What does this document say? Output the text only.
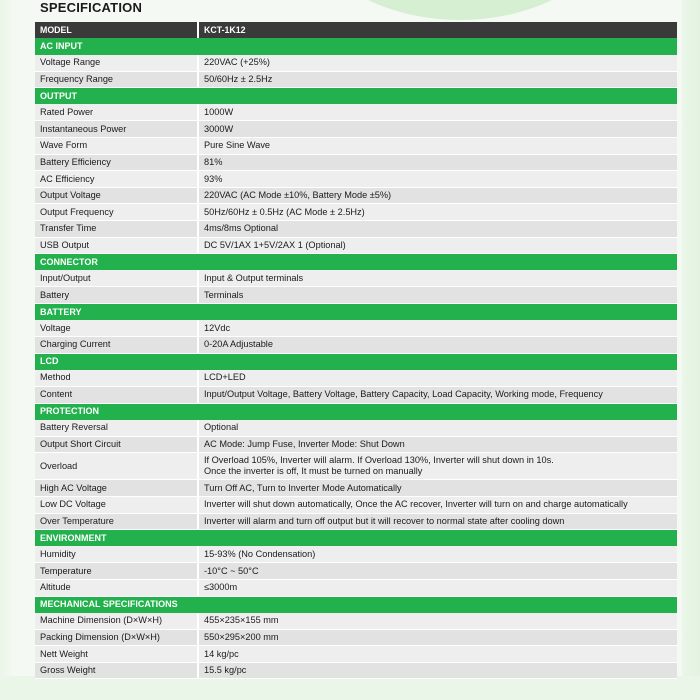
SPECIFICATION
MODEL	KCT-1K12
AC INPUT	
Voltage Range	220VAC (+25%)

Frequency Range	50/60Hz ± 2.5Hz

OUTPUT	
Rated Power	1000W

Instantaneous Power	3000W

Wave Form	Pure Sine Wave

Battery Efficiency	81%

AC Efficiency	93%

Output Voltage	220VAC (AC Mode ±10%, Battery Mode ±5%)

Output Frequency	50Hz/60Hz ± 0.5Hz (AC Mode ± 2.5Hz)

Transfer Time	4ms/8ms Optional

USB Output	DC 5V/1AX 1+5V/2AX 1 (Optional)

CONNECTOR	
Input/Output	Input & Output terminals

Battery	Terminals

BATTERY	
Voltage	12Vdc

Charging Current	0-20A Adjustable

LCD	
Method	LCD+LED

Content	Input/Output Voltage, Battery Voltage, Battery Capacity, Load Capacity, Working mode, Frequency

PROTECTION	
Battery Reversal	Optional

Output Short Circuit	AC Mode: Jump Fuse, Inverter Mode: Shut Down

Overload	If Overload 105%, Inverter will alarm. If Overload 130%, Inverter will shut down in 10s.
Once the inverter is off, It must be turned on manually

High AC Voltage	Turn Off AC, Turn to Inverter Mode Automatically

Low DC Voltage	Inverter will shut down automatically, Once the AC recover, Inverter will turn on and charge automatically

Over Temperature	Inverter will alarm and turn off output but it will recover to normal state after cooling down

ENVIRONMENT	
Humidity	15-93% (No Condensation)

Temperature	-10°C ~ 50°C

Altitude	≤3000m

MECHANICAL SPECIFICATIONS	
Machine Dimension (D×W×H)	455×235×155 mm

Packing Dimension (D×W×H)	550×295×200 mm

Nett Weight	14 kg/pc

Gross Weight	15.5 kg/pc
